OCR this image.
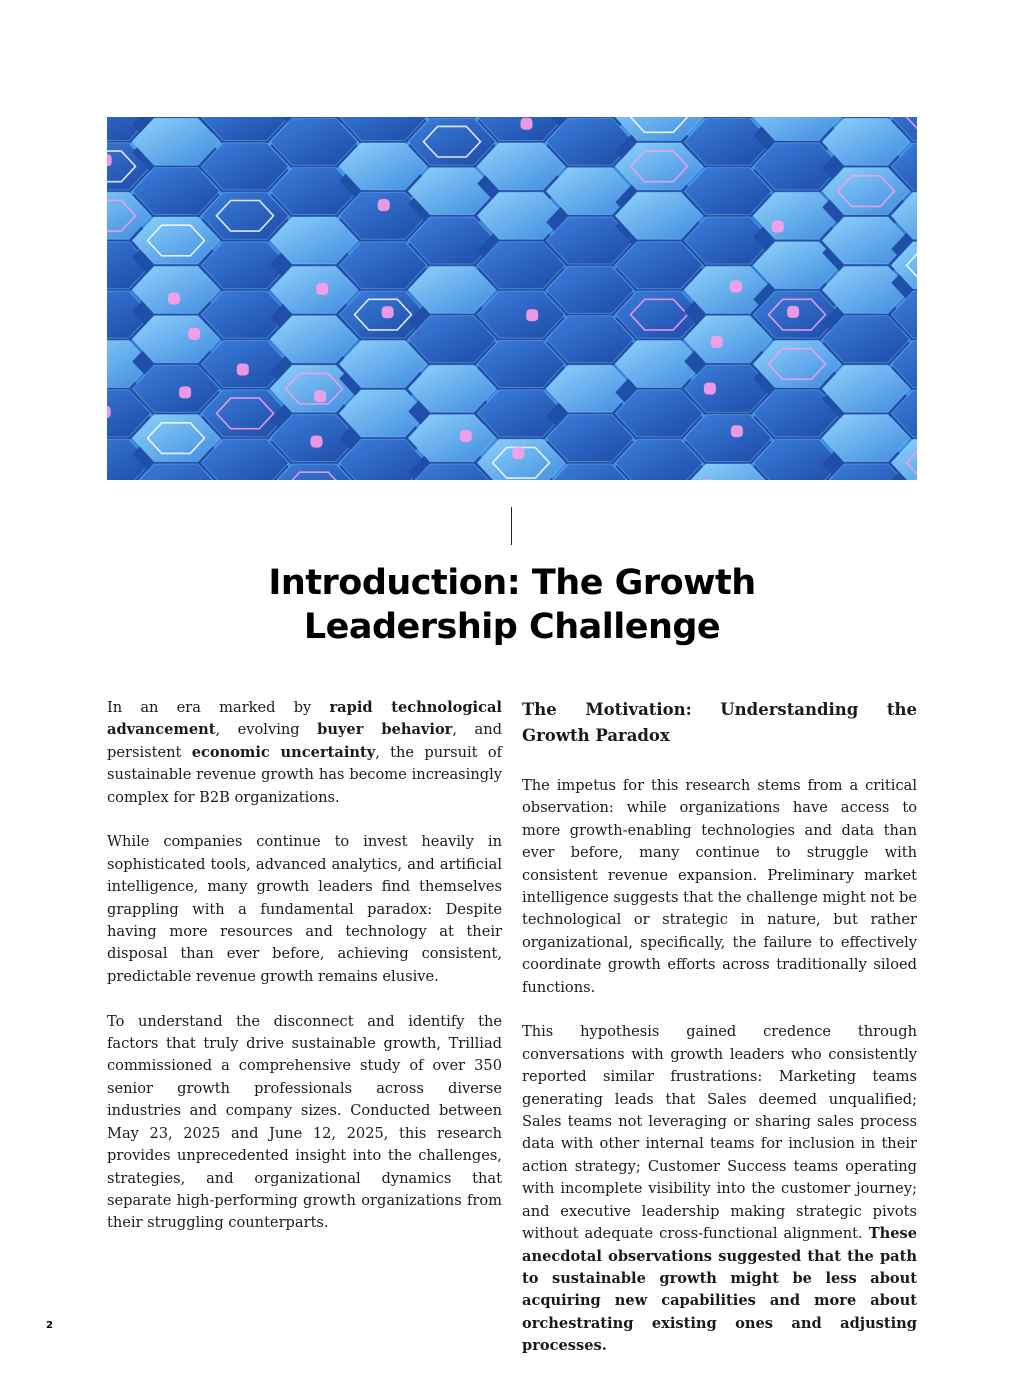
Introduction: The Growth
Leadership Challenge

In an era marked by rapid technological advancement, evolving buyer behavior, and persistent economic uncertainty, the pursuit of sustainable revenue growth has become increasingly complex for B2B organizations.

While companies continue to invest heavily in sophisticated tools, advanced analytics, and artificial intelligence, many growth leaders find themselves grappling with a fundamental paradox: Despite having more resources and technology at their disposal than ever before, achieving consistent, predictable revenue growth remains elusive.

To understand the disconnect and identify the factors that truly drive sustainable growth, Trilliad commissioned a comprehensive study of over 350 senior growth professionals across diverse industries and company sizes. Conducted between May 23, 2025 and June 12, 2025, this research provides unprecedented insight into the challenges, strategies, and organizational dynamics that separate high-performing growth organizations from their struggling counterparts.

The Motivation: Understanding the Growth Paradox

The impetus for this research stems from a critical observation: while organizations have access to more growth-enabling technologies and data than ever before, many continue to struggle with consistent revenue expansion. Preliminary market intelligence suggests that the challenge might not be technological or strategic in nature, but rather organizational, specifically, the failure to effectively coordinate growth efforts across traditionally siloed functions.

This hypothesis gained credence through conversations with growth leaders who consistently reported similar frustrations: Marketing teams generating leads that Sales deemed unqualified; Sales teams not leveraging or sharing sales process data with other internal teams for inclusion in their action strategy; Customer Success teams operating with incomplete visibility into the customer journey; and executive leadership making strategic pivots without adequate cross-functional alignment. These anecdotal observations suggested that the path to sustainable growth might be less about acquiring new capabilities and more about orchestrating existing ones and adjusting processes.

2
